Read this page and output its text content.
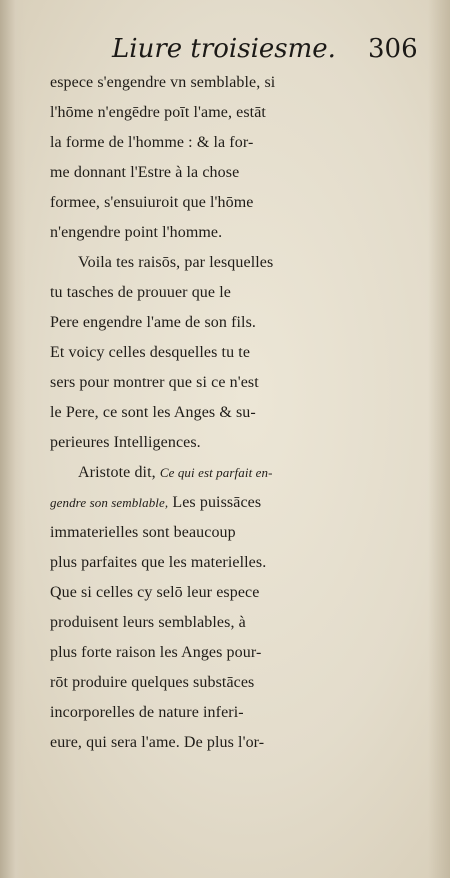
Liure troisiesme.	306
espece s'engendre vn semblable, si
l'hōme n'engēdre poīt l'ame, estāt
la forme de l'homme : & la for-
me donnant l'Estre à la chose
formee, s'ensuiuroit que l'hōme
n'engendre point l'homme.
Voila tes raisōs, par lesquelles
tu tasches de prouuer que le
Pere engendre l'ame de son fils.
Et voicy celles desquelles tu te
sers pour montrer que si ce n'est
le Pere, ce sont les Anges & su-
perieures Intelligences.
Aristote dit, Ce qui est parfait en-
gendre son semblable, Les puissāces
immaterielles sont beaucoup
plus parfaites que les materielles.
Que si celles cy selō leur espece
produisent leurs semblables, à
plus forte raison les Anges pour-
rōt produire quelques substāces
incorporelles de nature inferi-
eure, qui sera l'ame. De plus l'or-
